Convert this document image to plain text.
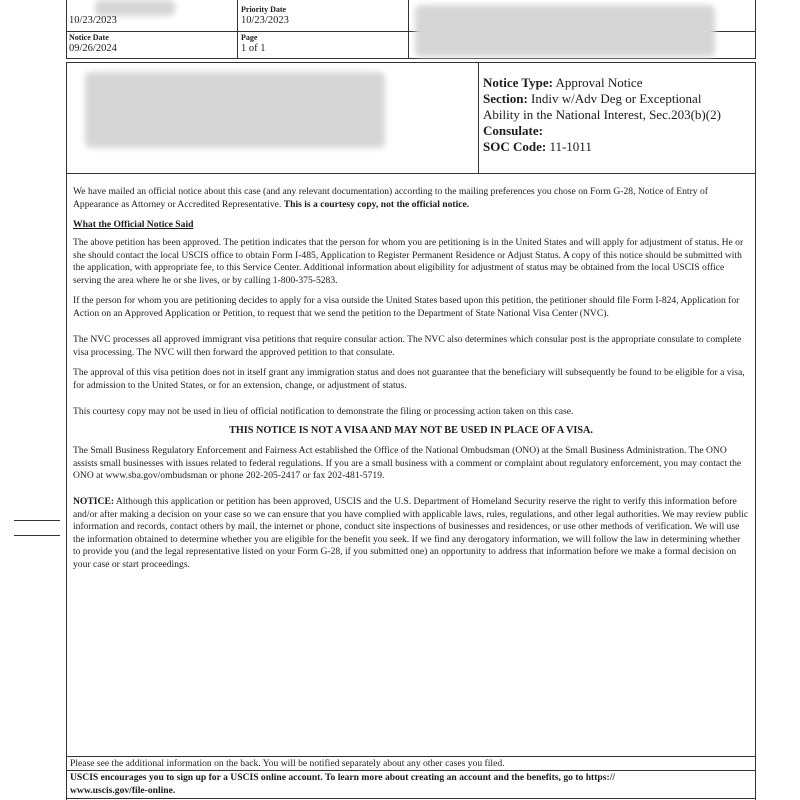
10/23/2023
Priority Date
10/23/2023
Notice Date
09/26/2024
Page
1 of 1
Notice Type: Approval Notice
Section: Indiv w/Adv Deg or Exceptional
Ability in the National Interest, Sec.203(b)(2)
Consulate:
SOC Code: 11-1011
We have mailed an official notice about this case (and any relevant documentation) according to the mailing preferences you chose on Form G-28, Notice of Entry of Appearance as Attorney or Accredited Representative. This is a courtesy copy, not the official notice.
What the Official Notice Said
The above petition has been approved. The petition indicates that the person for whom you are petitioning is in the United States and will apply for adjustment of status. He or she should contact the local USCIS office to obtain Form I-485, Application to Register Permanent Residence or Adjust Status. A copy of this notice should be submitted with the application, with appropriate fee, to this Service Center. Additional information about eligibility for adjustment of status may be obtained from the local USCIS office serving the area where he or she lives, or by calling 1-800-375-5283.
If the person for whom you are petitioning decides to apply for a visa outside the United States based upon this petition, the petitioner should file Form I-824, Application for Action on an Approved Application or Petition, to request that we send the petition to the Department of State National Visa Center (NVC).
The NVC processes all approved immigrant visa petitions that require consular action. The NVC also determines which consular post is the appropriate consulate to complete visa processing. The NVC will then forward the approved petition to that consulate.
The approval of this visa petition does not in itself grant any immigration status and does not guarantee that the beneficiary will subsequently be found to be eligible for a visa, for admission to the United States, or for an extension, change, or adjustment of status.
This courtesy copy may not be used in lieu of official notification to demonstrate the filing or processing action taken on this case.
THIS NOTICE IS NOT A VISA AND MAY NOT BE USED IN PLACE OF A VISA.
The Small Business Regulatory Enforcement and Fairness Act established the Office of the National Ombudsman (ONO) at the Small Business Administration. The ONO assists small businesses with issues related to federal regulations. If you are a small business with a comment or complaint about regulatory enforcement, you may contact the ONO at www.sba.gov/ombudsman or phone 202-205-2417 or fax 202-481-5719.
NOTICE: Although this application or petition has been approved, USCIS and the U.S. Department of Homeland Security reserve the right to verify this information before and/or after making a decision on your case so we can ensure that you have complied with applicable laws, rules, regulations, and other legal authorities. We may review public information and records, contact others by mail, the internet or phone, conduct site inspections of businesses and residences, or use other methods of verification. We will use the information obtained to determine whether you are eligible for the benefit you seek. If we find any derogatory information, we will follow the law in determining whether to provide you (and the legal representative listed on your Form G-28, if you submitted one) an opportunity to address that information before we make a formal decision on your case or start proceedings.
Please see the additional information on the back. You will be notified separately about any other cases you filed.
USCIS encourages you to sign up for a USCIS online account. To learn more about creating an account and the benefits, go to https://
www.uscis.gov/file-online.
